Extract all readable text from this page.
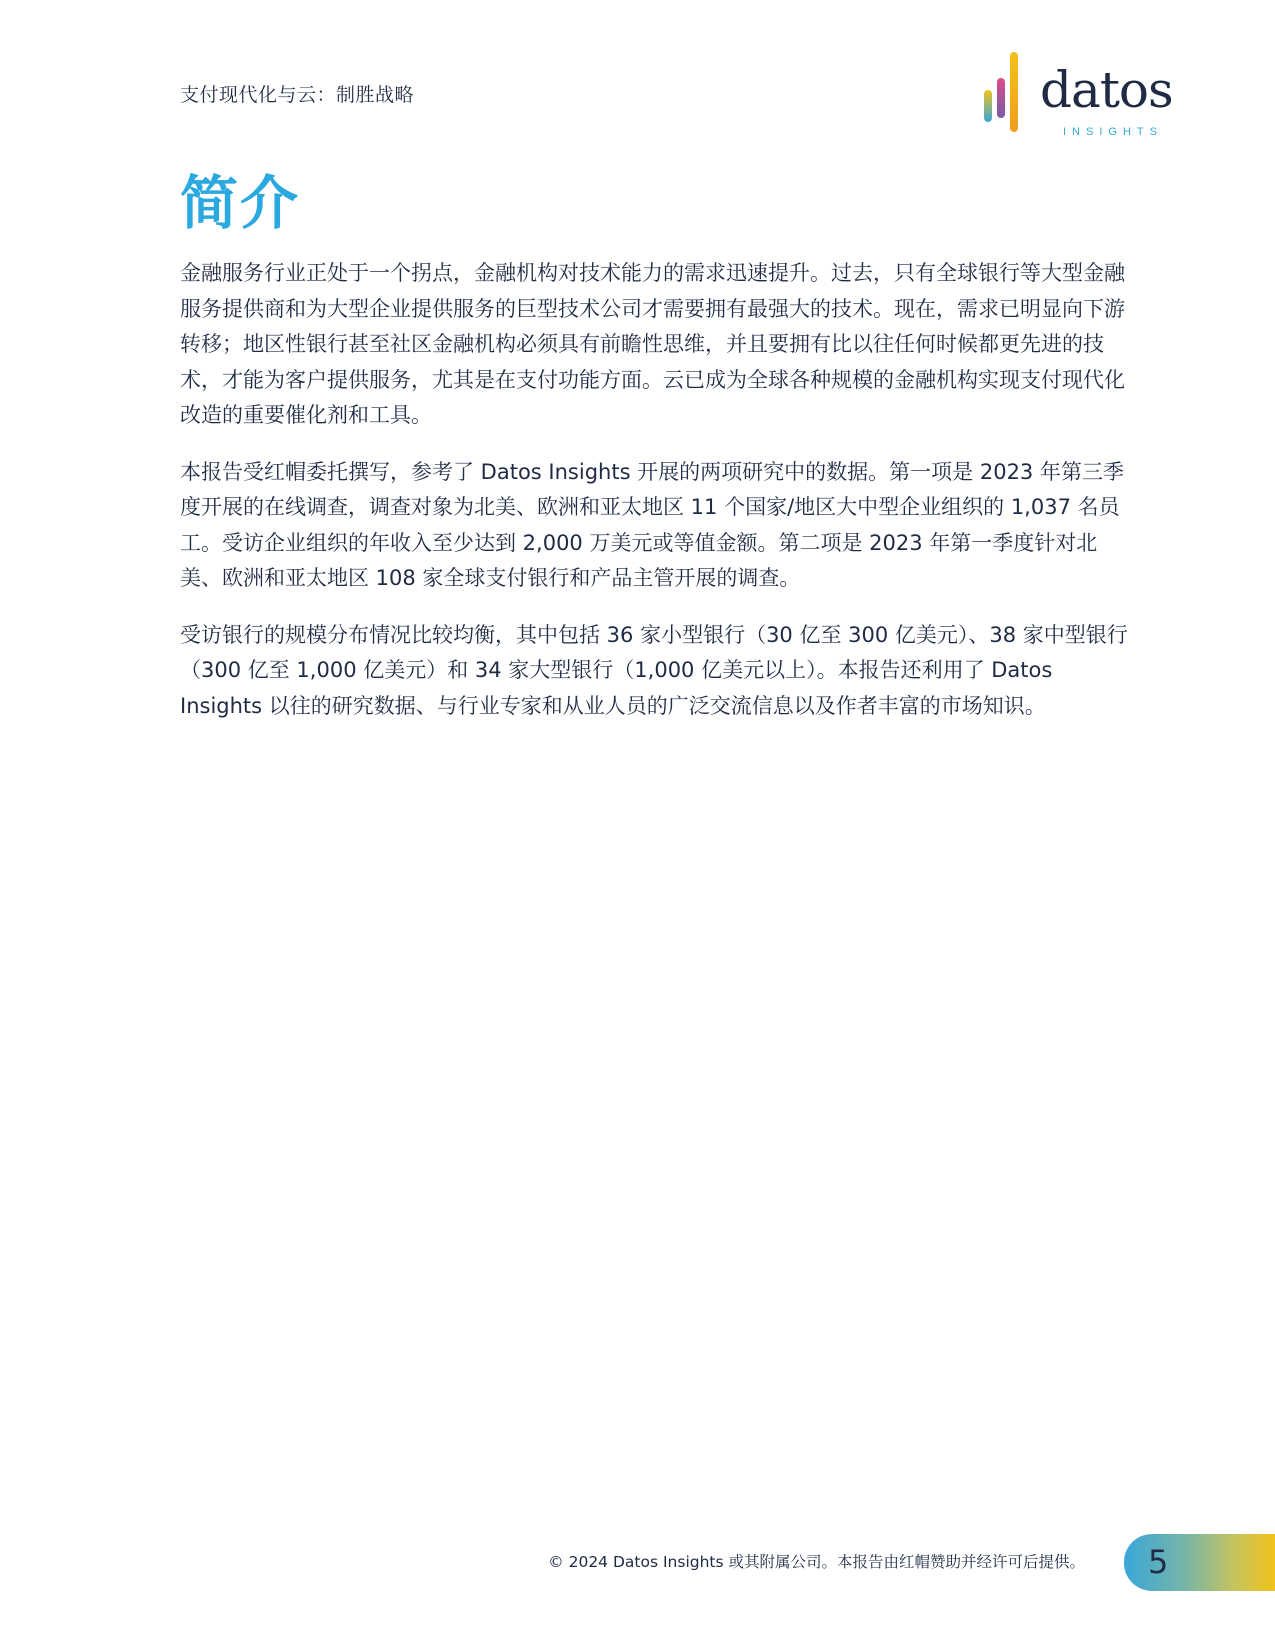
支付现代化与云：制胜战略	datos
INSIGHTS
简介

金融服务行业正处于一个拐点，金融机构对技术能力的需求迅速提升。过去，只有全球银行等大型金融服务提供商和为大型企业提供服务的巨型技术公司才需要拥有最强大的技术。现在，需求已明显向下游转移；地区性银行甚至社区金融机构必须具有前瞻性思维，并且要拥有比以往任何时候都更先进的技术，才能为客户提供服务，尤其是在支付功能方面。云已成为全球各种规模的金融机构实现支付现代化改造的重要催化剂和工具。

本报告受红帽委托撰写，参考了 Datos Insights 开展的两项研究中的数据。第一项是 2023 年第三季度开展的在线调查，调查对象为北美、欧洲和亚太地区 11 个国家/地区大中型企业组织的 1,037 名员工。受访企业组织的年收入至少达到 2,000 万美元或等值金额。第二项是 2023 年第一季度针对北美、欧洲和亚太地区 108 家全球支付银行和产品主管开展的调查。

受访银行的规模分布情况比较均衡，其中包括 36 家小型银行（30 亿至 300 亿美元）、38 家中型银行（300 亿至 1,000 亿美元）和 34 家大型银行（1,000 亿美元以上）。本报告还利用了 Datos Insights 以往的研究数据、与行业专家和从业人员的广泛交流信息以及作者丰富的市场知识。

© 2024 Datos Insights 或其附属公司。本报告由红帽赞助并经许可后提供。 5
